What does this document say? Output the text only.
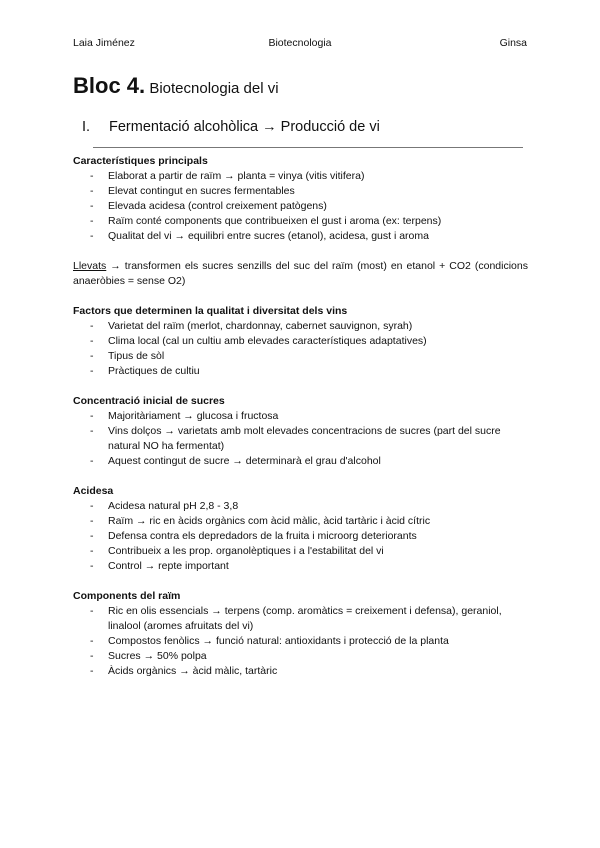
Laia Jiménez	Biotecnologia	Ginsa
Bloc 4. Biotecnologia del vi
I. Fermentació alcohòlica → Producció de vi

Característiques principals

- Elaborat a partir de raïm → planta = vinya (vitis vitifera)
- Elevat contingut en sucres fermentables
- Elevada acidesa (control creixement patògens)
- Raïm conté components que contribueixen el gust i aroma (ex: terpens)
- Qualitat del vi → equilibri entre sucres (etanol), acidesa, gust i aroma

Llevats → transformen els sucres senzills del suc del raïm (most) en etanol + CO2 (condicions anaeròbies = sense O2)

Factors que determinen la qualitat i diversitat dels vins

- Varietat del raïm (merlot, chardonnay, cabernet sauvignon, syrah)
- Clima local (cal un cultiu amb elevades característiques adaptatives)
- Tipus de sòl
- Pràctiques de cultiu

Concentració inicial de sucres

- Majoritàriament → glucosa i fructosa
- Vins dolços → varietats amb molt elevades concentracions de sucres (part del sucre natural NO ha fermentat)
- Aquest contingut de sucre → determinarà el grau d'alcohol

Acidesa

- Acidesa natural pH 2,8 - 3,8
- Raïm → ric en àcids orgànics com àcid màlic, àcid tartàric i àcid cítric
- Defensa contra els depredadors de la fruita i microorg deteriorants
- Contribueix a les prop. organolèptiques i a l'estabilitat del vi
- Control → repte important

Components del raïm

- Ric en olis essencials → terpens (comp. aromàtics = creixement i defensa), geraniol, linalool (aromes afruitats del vi)
- Compostos fenòlics → funció natural: antioxidants i protecció de la planta
- Sucres → 50% polpa
- Àcids orgànics → àcid màlic, tartàric
